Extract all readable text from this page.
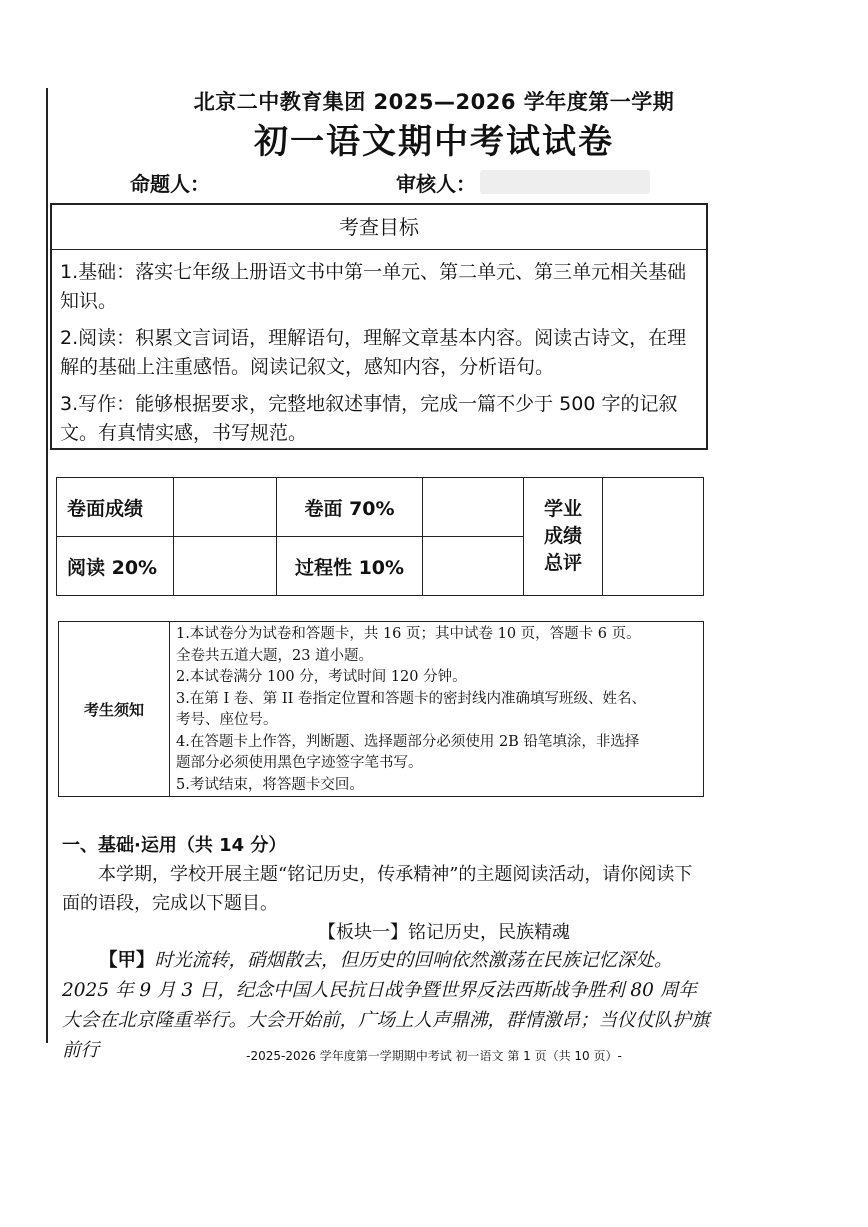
北京二中教育集团 2025—2026 学年度第一学期
初一语文期中考试试卷
命题人：	审核人：
考查目标
1.基础：落实七年级上册语文书中第一单元、第二单元、第三单元相关基础知识。
2.阅读：积累文言词语，理解语句，理解文章基本内容。阅读古诗文，在理解的基础上注重感悟。阅读记叙文，感知内容，分析语句。
3.写作：能够根据要求，完整地叙述事情，完成一篇不少于 500 字的记叙文。有真情实感，书写规范。
卷面成绩		卷面 70%		学业
成绩
总评	

阅读 20%		过程性 10%			
考生须知
1.本试卷分为试卷和答题卡，共 16 页；其中试卷 10 页，答题卡 6 页。
全卷共五道大题，23 道小题。
2.本试卷满分 100 分，考试时间 120 分钟。
3.在第 I 卷、第 II 卷指定位置和答题卡的密封线内准确填写班级、姓名、
考号、座位号。
4.在答题卡上作答，判断题、选择题部分必须使用 2B 铅笔填涂，非选择
题部分必须使用黑色字迹签字笔书写。
5.考试结束，将答题卡交回。
一、基础·运用（共 14 分）
本学期，学校开展主题“铭记历史，传承精神”的主题阅读活动，请你阅读下面的语段，完成以下题目。
【板块一】铭记历史，民族精魂
【甲】时光流转，硝烟散去，但历史的回响依然激荡在民族记忆深处。2025 年 9 月 3 日，纪念中国人民抗日战争暨世界反法西斯战争胜利 80 周年大会在北京隆重举行。大会开始前，广场上人声鼎沸，群情激昂；当仪仗队护旗前行	-2025-2026 学年度第一学期期中考试 初一语文 第 1 页（共 10 页）-
